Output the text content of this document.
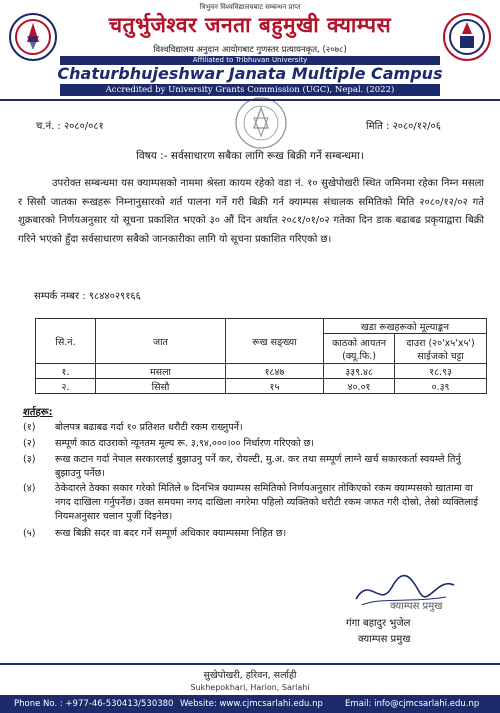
त्रिभुवन विश्वविद्यालयबाट सम्बन्धन प्राप्त
चतुर्भुजेश्वर जनता बहुमुखी क्याम्पस
विश्वविद्यालय अनुदान आयोगबाट गुणस्तर प्रत्यायनकृत, (२०७८)
Affiliated to Tribhuvan University
Chaturbhujeshwar Janata Multiple Campus
Accredited by University Grants Commission (UGC), Nepal. (2022)
च.नं. : २०८०/०८१	मिति : २०८०/१२/०६
विषय :- सर्वसाधारण सबैका लागि रूख बिक्री गर्ने सम्बन्धमा।
उपरोक्त सम्बन्धमा यस क्याम्पसको नाममा श्रेस्ता कायम रहेको वडा नं. १० सुखेपोखरी स्थित जमिनमा रहेका निम्न मसला र सिसौ जातका रूखहरू निम्नानुसारको शर्त पालना गर्ने गरी बिक्री गर्न क्याम्पस संचालक समितिको मिति २०८०/१२/०२ गते शुक्रबारको निर्णयअनुसार यो सूचना प्रकाशित भएको ३० औं दिन अर्थात २०८१/०१/०२ गतेका दिन डाक बढाबढ प्रकृयाद्वारा बिक्री गरिने भएको हुँदा सर्वसाधारण सबैको जानकारीका लागि यो सूचना प्रकाशित गरिएको छ।
सम्पर्क नम्बर : ९८४४०२९१६६
सि.नं.	जात	रूख सङ्ख्या	खडा रूखहरूको मूल्याङ्कन	
			काठको आयतन (क्यू.फि.)	दाउरा (२०'x५'x५') साईजको चट्टा
१.	मसला	१८४७	३३९.४८	१८.९३
२.	सिसौ	१५	४०.०१	०.३९
शर्तहरू:
(१)	बोलपत्र बढाबढ गर्दा १० प्रतिशत धरौटी रकम राख्नुपर्ने।
(२)	सम्पूर्ण काठ दाउराको न्यूनतम मूल्य रू. ३,९४,०००।०० निर्धारण गरिएको छ।
(३)	रूख कटान गर्दा नेपाल सरकारलाई बुझाउनु पर्ने कर, रोयल्टी, मु.अ. कर तथा सम्पूर्ण लाग्ने खर्च सकारकर्ता स्वयम्ले तिर्नु बुझाउनु पर्नेछ।
(४)	ठेकेदारले ठेक्का सकार गरेको मितिले ७ दिनभित्र क्याम्पस समितिको निर्णयअनुसार तोकिएको रकम क्याम्पसको खातामा वा नगद दाखिला गर्नुपर्नेछ। उक्त समयमा नगद दाखिला नगरेमा पहिलो व्यक्तिको धरौटी रकम जफत गरी दोस्रो, तेस्रो व्यक्तिलाई नियमअनुसार चलान पुर्जी दिइनेछ।
(५)	रूख बिक्री सदर वा बदर गर्ने सम्पूर्ण अधिकार क्याम्पसमा निहित छ।
क्याम्पस प्रमुख
गंगा बहादुर भुजेल
क्याम्पस प्रमुख
सुखेपोखरी, हरिवन, सर्लाही
Sukhepokhari, Harion, Sarlahi
Phone No. : +977-46-530413/530380 Website: www.cjmcsarlahi.edu.np	Email: info@cjmcsarlahi.edu.np
